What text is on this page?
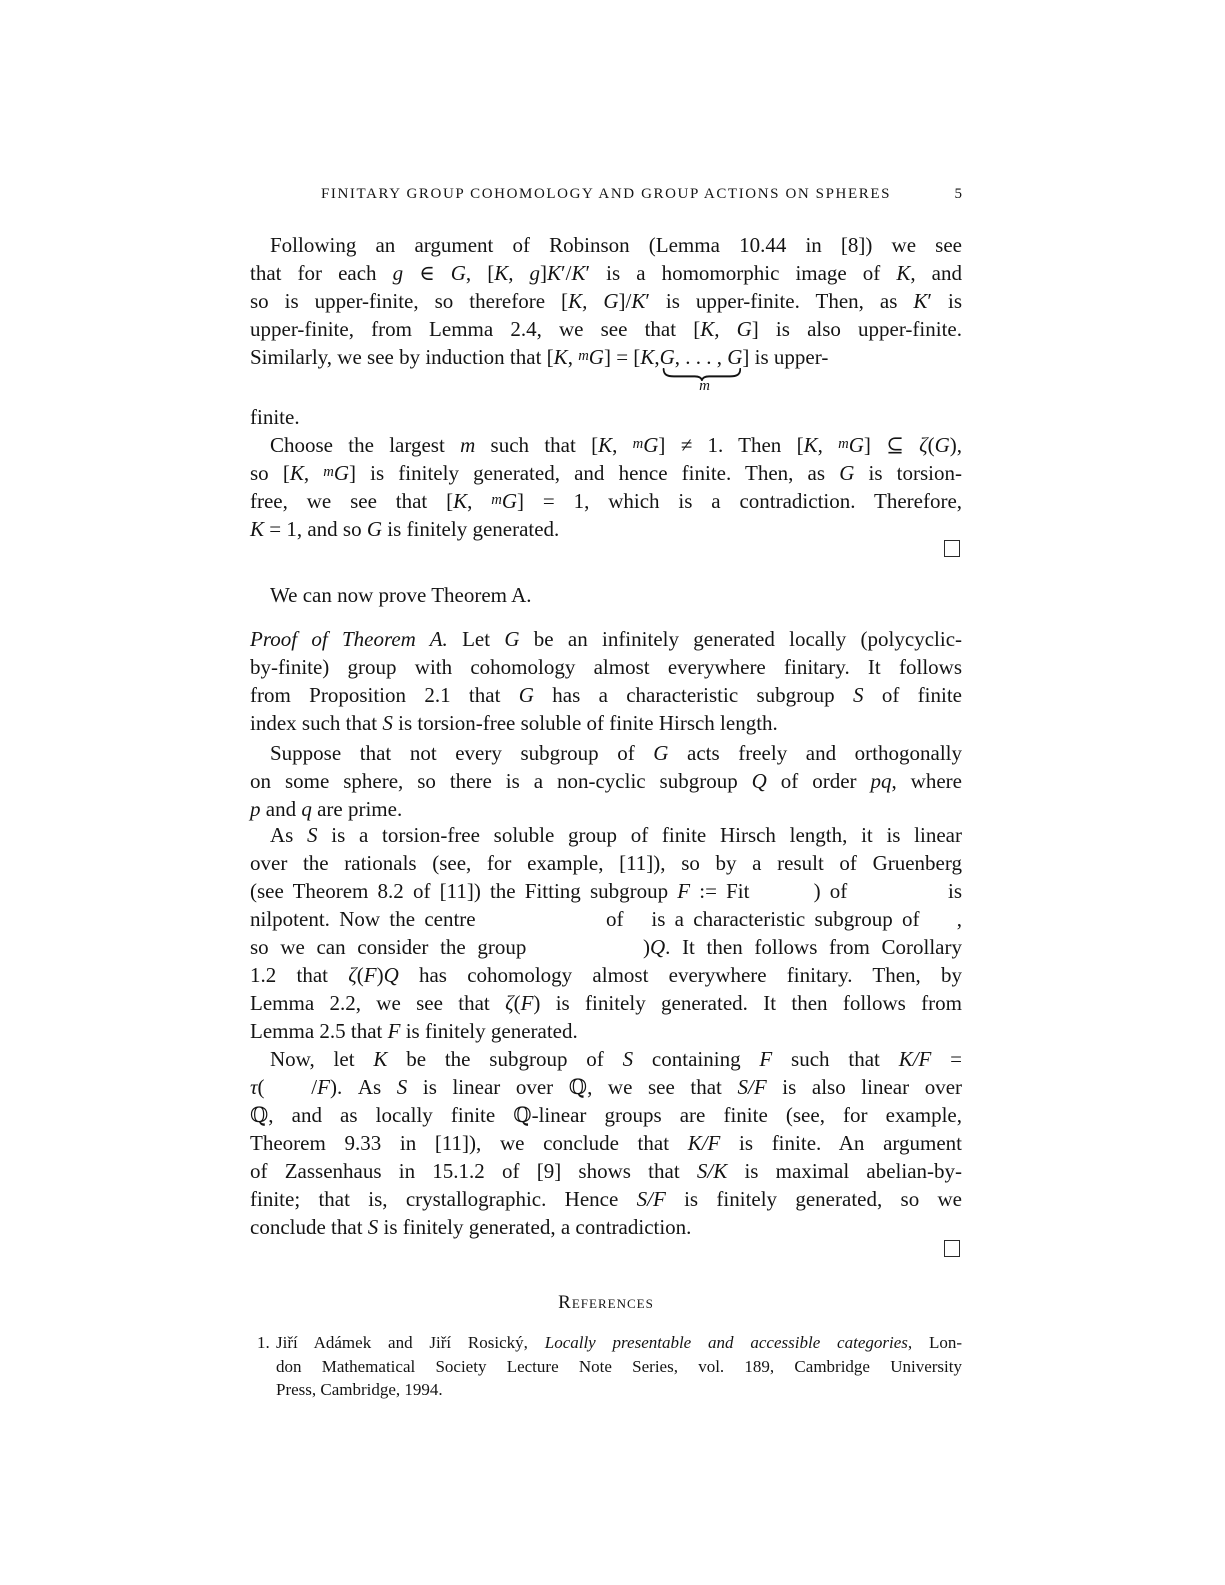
FINITARY GROUP COHOMOLOGY AND GROUP ACTIONS ON SPHERES	5
Following an argument of Robinson (Lemma 10.44 in [8]) we see
that for each g ∈ G, [K, g]K′/K′ is a homomorphic image of K, and
so is upper-finite, so therefore [K, G]/K′ is upper-finite. Then, as K′ is
upper-finite, from Lemma 2.4, we see that [K, G] is also upper-finite.
Similarly, we see by induction that [K, $^m$G] = [K,G, . . . , G]
m
is upper-
finite.
Choose the largest m such that [K, $^m$G] ≠ 1. Then [K, $^m$G] ⊆ ζ(G),
so [K, $^m$G] is finitely generated, and hence finite. Then, as G is torsion-
free, we see that [K, $^m$G] = 1, which is a contradiction. Therefore,
K = 1, and so G is finitely generated.
We can now prove Theorem A.
Proof of Theorem A. Let G be an infinitely generated locally (polycyclic-
by-finite) group with cohomology almost everywhere finitary. It follows
from Proposition 2.1 that G has a characteristic subgroup S of finite
index such that S is torsion-free soluble of finite Hirsch length.
Suppose that not every subgroup of G acts freely and orthogonally
on some sphere, so there is a non-cyclic subgroup Q of order pq, where
p and q are prime.
As S is a torsion-free soluble group of finite Hirsch length, it is linear
over the rationals (see, for example, [11]), so by a result of Gruenberg
(see Theorem 8.2 of [11]) the Fitting subgroup F := Fit       ) of           is
nilpotent. Now the centre              of   is a characteristic subgroup of    ,
so we can consider the group          )Q. It then follows from Corollary
1.2 that ζ(F)Q has cohomology almost everywhere finitary. Then, by
Lemma 2.2, we see that ζ(F) is finitely generated. It then follows from
Lemma 2.5 that F is finitely generated.
Now, let K be the subgroup of S containing F such that K/F =
τ(   /F). As S is linear over ℚ, we see that S/F is also linear over
ℚ, and as locally finite ℚ-linear groups are finite (see, for example,
Theorem 9.33 in [11]), we conclude that K/F is finite. An argument
of Zassenhaus in 15.1.2 of [9] shows that S/K is maximal abelian-by-
finite; that is, crystallographic. Hence S/F is finitely generated, so we
conclude that S is finitely generated, a contradiction.
References
1. Jiří Adámek and Jiří Rosický, Locally presentable and accessible categories, Lon-
don Mathematical Society Lecture Note Series, vol. 189, Cambridge University
Press, Cambridge, 1994.
